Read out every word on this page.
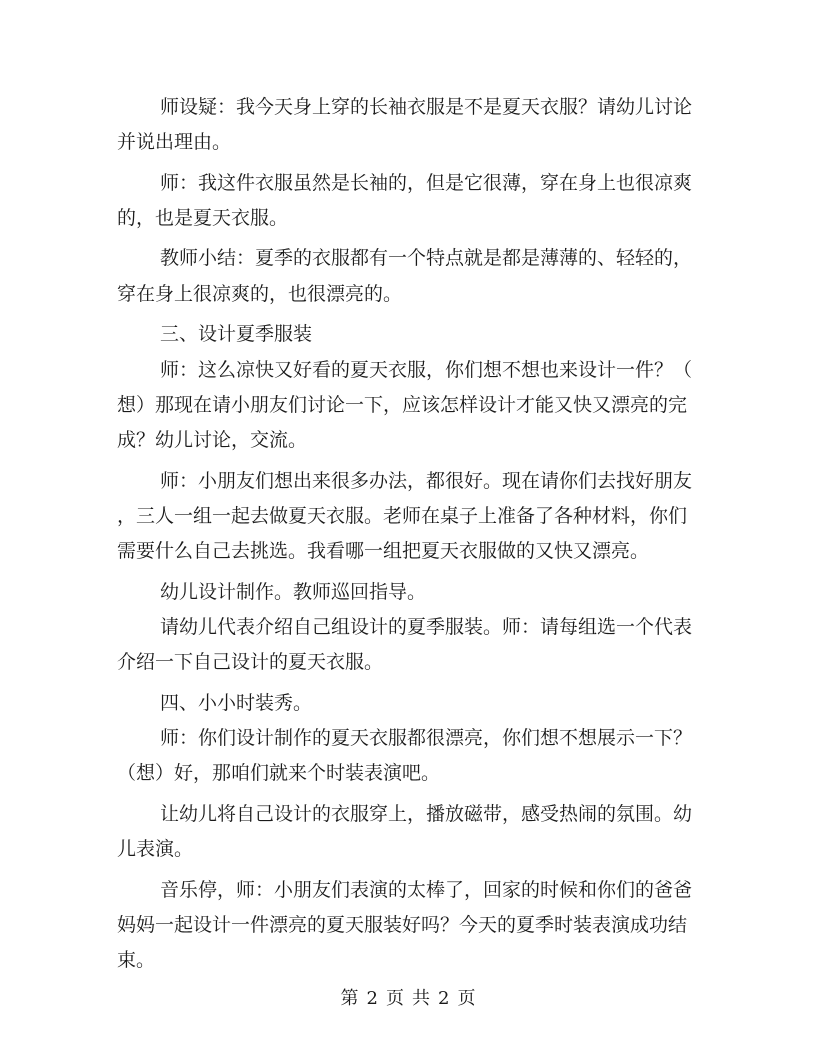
师设疑：我今天身上穿的长袖衣服是不是夏天衣服？请幼儿讨论
并说出理由。
师：我这件衣服虽然是长袖的，但是它很薄，穿在身上也很凉爽
的，也是夏天衣服。
教师小结：夏季的衣服都有一个特点就是都是薄薄的、轻轻的，
穿在身上很凉爽的，也很漂亮的。
三、设计夏季服装
师：这么凉快又好看的夏天衣服，你们想不想也来设计一件？（
想）那现在请小朋友们讨论一下，应该怎样设计才能又快又漂亮的完
成？幼儿讨论，交流。
师：小朋友们想出来很多办法，都很好。现在请你们去找好朋友
，三人一组一起去做夏天衣服。老师在桌子上准备了各种材料，你们
需要什么自己去挑选。我看哪一组把夏天衣服做的又快又漂亮。
幼儿设计制作。教师巡回指导。
请幼儿代表介绍自己组设计的夏季服装。师：请每组选一个代表
介绍一下自己设计的夏天衣服。
四、小小时装秀。
师：你们设计制作的夏天衣服都很漂亮，你们想不想展示一下？
（想）好，那咱们就来个时装表演吧。
让幼儿将自己设计的衣服穿上，播放磁带，感受热闹的氛围。幼
儿表演。
音乐停，师：小朋友们表演的太棒了，回家的时候和你们的爸爸
妈妈一起设计一件漂亮的夏天服装好吗？今天的夏季时装表演成功结
束。
第 2 页 共 2 页
